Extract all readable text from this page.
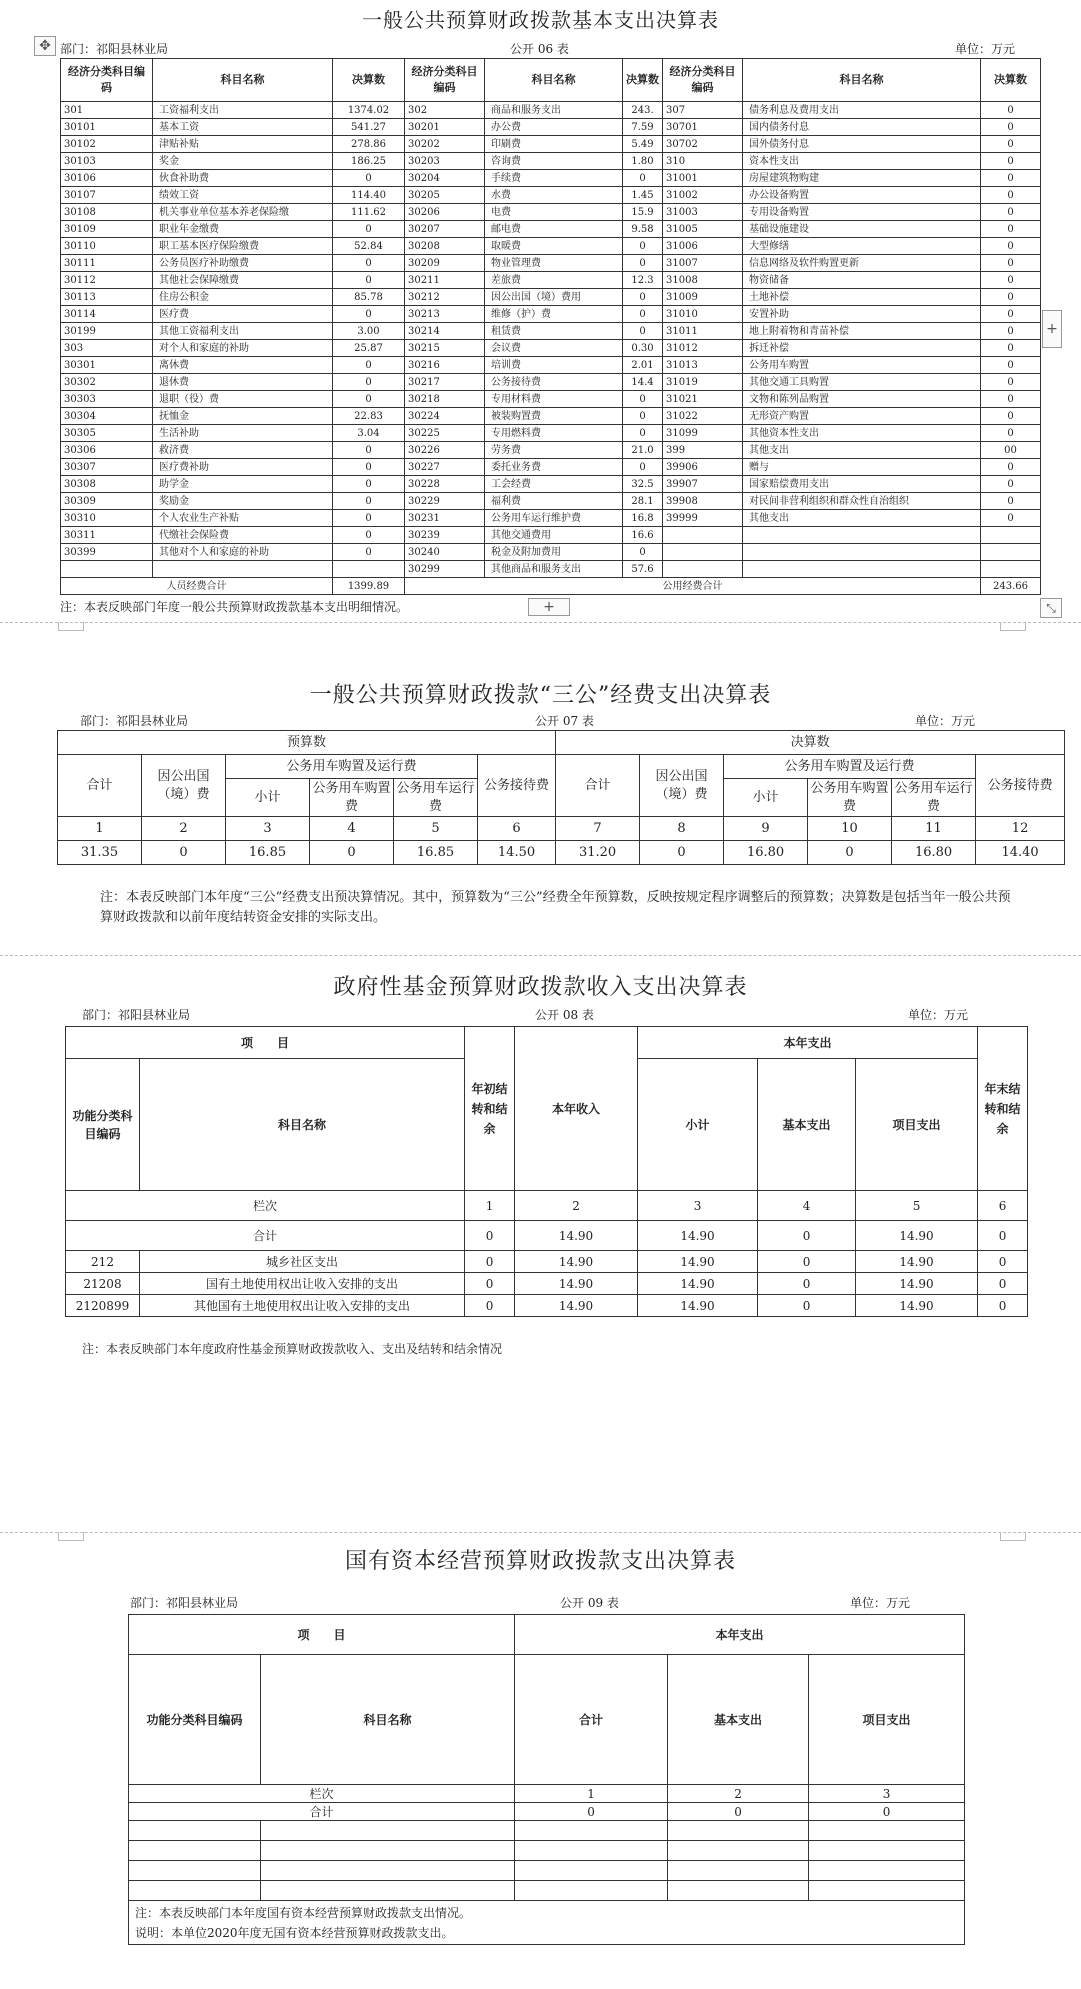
✥
一般公共预算财政拨款基本支出决算表
部门：祁阳县林业局	公开 06 表	单位：万元
经济分类科目编码	科目名称	决算数	经济分类科目编码	科目名称	决算数	经济分类科目编码	科目名称	决算数
301	工资福利支出	1374.02	302	商品和服务支出	243.	307	债务利息及费用支出	0
30101	基本工资	541.27	30201	办公费	7.59	30701	国内债务付息	0
30102	津贴补贴	278.86	30202	印刷费	5.49	30702	国外债务付息	0
30103	奖金	186.25	30203	咨询费	1.80	310	资本性支出	0
30106	伙食补助费	0	30204	手续费	0	31001	房屋建筑物购建	0
30107	绩效工资	114.40	30205	水费	1.45	31002	办公设备购置	0
30108	机关事业单位基本养老保险缴	111.62	30206	电费	15.9	31003	专用设备购置	0
30109	职业年金缴费	0	30207	邮电费	9.58	31005	基础设施建设	0
30110	职工基本医疗保险缴费	52.84	30208	取暖费	0	31006	大型修缮	0
30111	公务员医疗补助缴费	0	30209	物业管理费	0	31007	信息网络及软件购置更新	0
30112	其他社会保障缴费	0	30211	差旅费	12.3	31008	物资储备	0
30113	住房公积金	85.78	30212	因公出国（境）费用	0	31009	土地补偿	0
30114	医疗费	0	30213	维修（护）费	0	31010	安置补助	0
30199	其他工资福利支出	3.00	30214	租赁费	0	31011	地上附着物和青苗补偿	0
303	对个人和家庭的补助	25.87	30215	会议费	0.30	31012	拆迁补偿	0
30301	离休费	0	30216	培训费	2.01	31013	公务用车购置	0
30302	退休费	0	30217	公务接待费	14.4	31019	其他交通工具购置	0
30303	退职（役）费	0	30218	专用材料费	0	31021	文物和陈列品购置	0
30304	抚恤金	22.83	30224	被装购置费	0	31022	无形资产购置	0
30305	生活补助	3.04	30225	专用燃料费	0	31099	其他资本性支出	0
30306	救济费	0	30226	劳务费	21.0	399	其他支出	00
30307	医疗费补助	0	30227	委托业务费	0	39906	赠与	0
30308	助学金	0	30228	工会经费	32.5	39907	国家赔偿费用支出	0
30309	奖励金	0	30229	福利费	28.1	39908	对民间非营利组织和群众性自治组织	0
30310	个人农业生产补贴	0	30231	公务用车运行维护费	16.8	39999	其他支出	0
30311	代缴社会保险费	0	30239	其他交通费用	16.6			
30399	其他对个人和家庭的补助	0	30240	税金及附加费用	0			
			30299	其他商品和服务支出	57.6			
人员经费合计		1399.89	公用经费合计					243.66
注：本表反映部门年度一般公共预算财政拨款基本支出明细情况。	+	⤡
+
一般公共预算财政拨款“三公”经费支出决算表
部门：祁阳县林业局	公开 07 表	单位：万元
预算数						决算数					
合计	因公出国（境）费	公务用车购置及运行费			公务接待费	合计	因公出国（境）费	公务用车购置及运行费			公务接待费
		小计	公务用车购置费	公务用车运行费				小计	公务用车购置费	公务用车运行费	
1	2	3	4	5	6	7	8	9	10	11	12
31.35	0	16.85	0	16.85	14.50	31.20	0	16.80	0	16.80	14.40
注：本表反映部门本年度“三公”经费支出预决算情况。其中，预算数为“三公”经费全年预算数，反映按规定程序调整后的预算数；决算数是包括当年一般公共预算财政拨款和以前年度结转资金安排的实际支出。
政府性基金预算财政拨款收入支出决算表
部门：祁阳县林业局	公开 08 表	单位：万元
项　　目		年初结转和结余	本年收入	本年支出			年末结转和结余
功能分类科目编码	科目名称			小计	基本支出	项目支出	
栏次		1	2	3	4	5	6
合计		0	14.90	14.90	0	14.90	0
212	城乡社区支出	0	14.90	14.90	0	14.90	0
21208	国有土地使用权出让收入安排的支出	0	14.90	14.90	0	14.90	0
2120899	其他国有土地使用权出让收入安排的支出	0	14.90	14.90	0	14.90	0
注：本表反映部门本年度政府性基金预算财政拨款收入、支出及结转和结余情况
国有资本经营预算财政拨款支出决算表
部门：祁阳县林业局	公开 09 表	单位：万元
项　　目		本年支出		
功能分类科目编码	科目名称	合计	基本支出	项目支出
栏次		1	2	3
合计		0	0	0

注：本表反映部门本年度国有资本经营预算财政拨款支出情况。
说明：本单位2020年度无国有资本经营预算财政拨款支出。				
